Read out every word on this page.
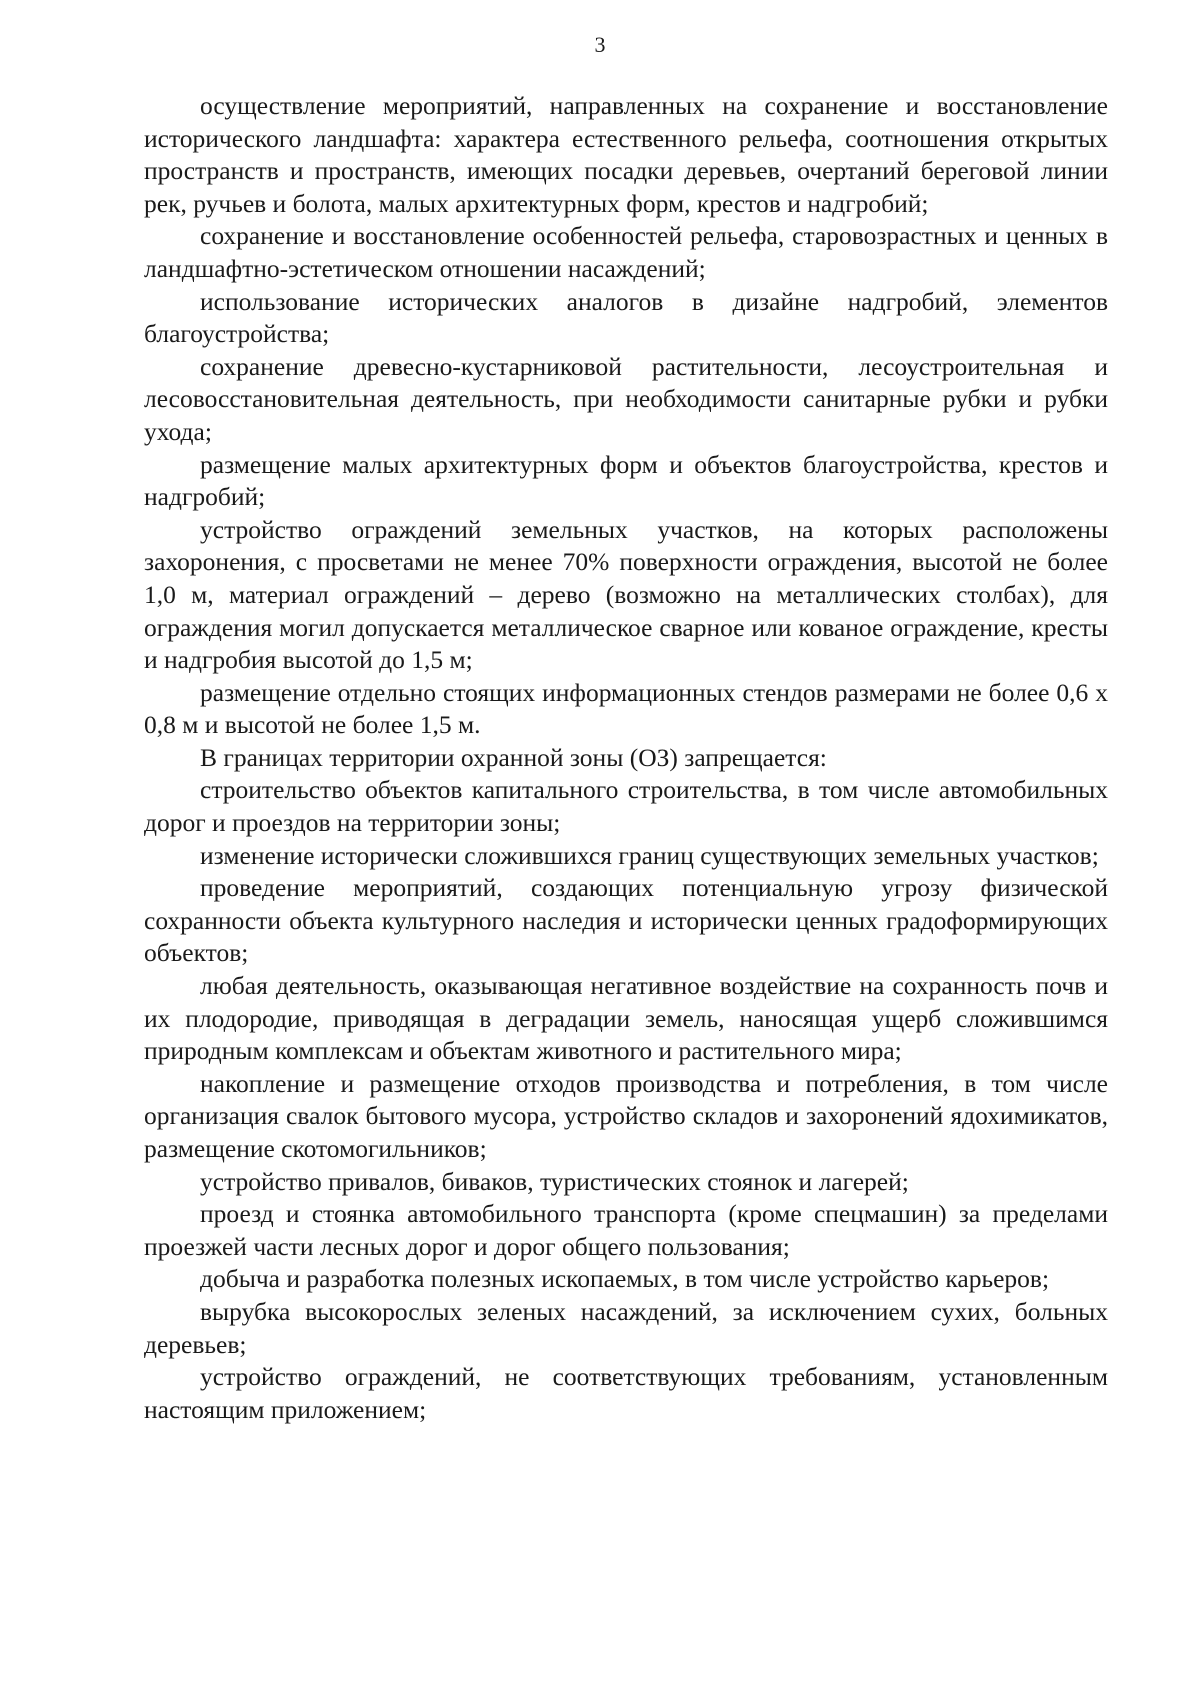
3

осуществление мероприятий, направленных на сохранение и восстановление исторического ландшафта: характера естественного рельефа, соотношения открытых пространств и пространств, имеющих посадки деревьев, очертаний береговой линии рек, ручьев и болота, малых архитектурных форм, крестов и надгробий;

сохранение и восстановление особенностей рельефа, старовозрастных и ценных в ландшафтно-эстетическом отношении насаждений;

использование исторических аналогов в дизайне надгробий, элементов благоустройства;

сохранение древесно-кустарниковой растительности, лесоустроительная и лесовосстановительная деятельность, при необходимости санитарные рубки и рубки ухода;

размещение малых архитектурных форм и объектов благоустройства, крестов и надгробий;

устройство ограждений земельных участков, на которых расположены захоронения, с просветами не менее 70% поверхности ограждения, высотой не более 1,0 м, материал ограждений – дерево (возможно на металлических столбах), для ограждения могил допускается металлическое сварное или кованое ограждение, кресты и надгробия высотой до 1,5 м;

размещение отдельно стоящих информационных стендов размерами не более 0,6 х 0,8 м и высотой не более 1,5 м.

В границах территории охранной зоны (ОЗ) запрещается:

строительство объектов капитального строительства, в том числе автомобильных дорог и проездов на территории зоны;

изменение исторически сложившихся границ существующих земельных участков;

проведение мероприятий, создающих потенциальную угрозу физической сохранности объекта культурного наследия и исторически ценных градоформирующих объектов;

любая деятельность, оказывающая негативное воздействие на сохранность почв и их плодородие, приводящая в деградации земель, наносящая ущерб сложившимся природным комплексам и объектам животного и растительного мира;

накопление и размещение отходов производства и потребления, в том числе организация свалок бытового мусора, устройство складов и захоронений ядохимикатов, размещение скотомогильников;

устройство привалов, биваков, туристических стоянок и лагерей;

проезд и стоянка автомобильного транспорта (кроме спецмашин) за пределами проезжей части лесных дорог и дорог общего пользования;

добыча и разработка полезных ископаемых, в том числе устройство карьеров;

вырубка высокорослых зеленых насаждений, за исключением сухих, больных деревьев;

устройство ограждений, не соответствующих требованиям, установленным настоящим приложением;
